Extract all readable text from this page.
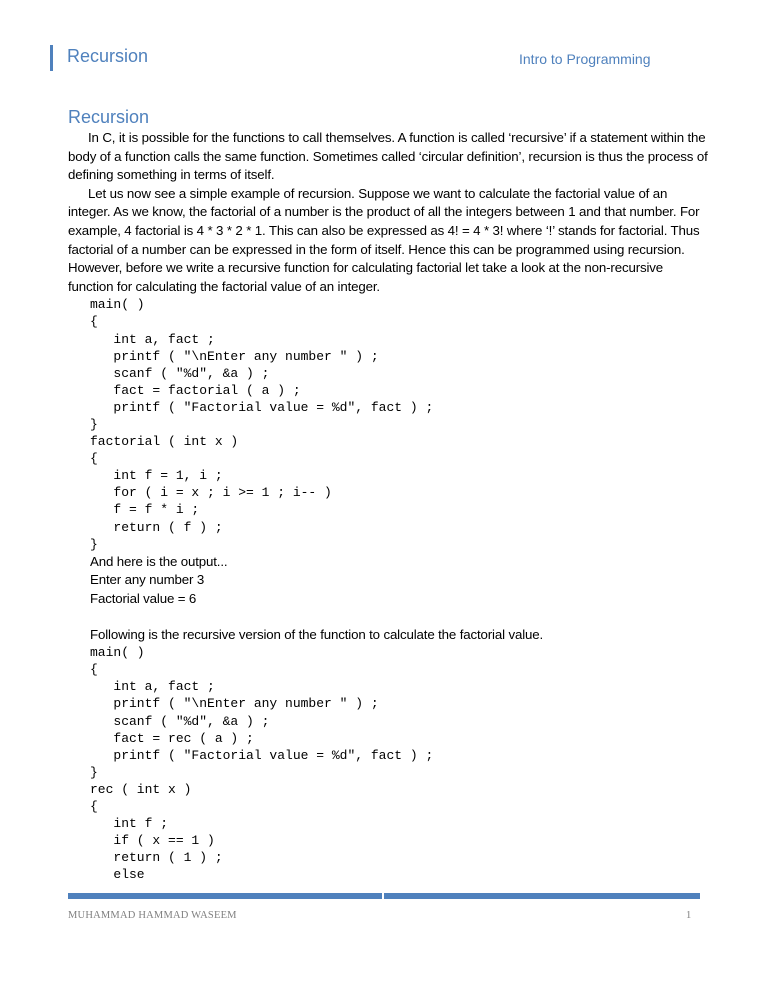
Recursion	Intro to Programming
Recursion
In C, it is possible for the functions to call themselves. A function is called ‘recursive’ if a statement within the body of a function calls the same function. Sometimes called ‘circular definition’, recursion is thus the process of defining something in terms of itself.
Let us now see a simple example of recursion. Suppose we want to calculate the factorial value of an integer. As we know, the factorial of a number is the product of all the integers between 1 and that number. For example, 4 factorial is 4 * 3 * 2 * 1. This can also be expressed as 4! = 4 * 3! where ‘!’ stands for factorial. Thus factorial of a number can be expressed in the form of itself. Hence this can be programmed using recursion. However, before we write a recursive function for calculating factorial let take a look at the non-recursive function for calculating the factorial value of an integer.
main( )
{
int a, fact ;
printf ( "\nEnter any number " ) ;
scanf ( "%d", &a ) ;
fact = factorial ( a ) ;
printf ( "Factorial value = %d", fact ) ;
}
factorial ( int x )
{
int f = 1, i ;
for ( i = x ; i >= 1 ; i-- )
f = f * i ;
return ( f ) ;
}
And here is the output...
Enter any number 3
Factorial value = 6
Following is the recursive version of the function to calculate the factorial value.
main( )
{
int a, fact ;
printf ( "\nEnter any number " ) ;
scanf ( "%d", &a ) ;
fact = rec ( a ) ;
printf ( "Factorial value = %d", fact ) ;
}
rec ( int x )
{
int f ;
if ( x == 1 )
return ( 1 ) ;
else
MUHAMMAD HAMMAD WASEEM	1
